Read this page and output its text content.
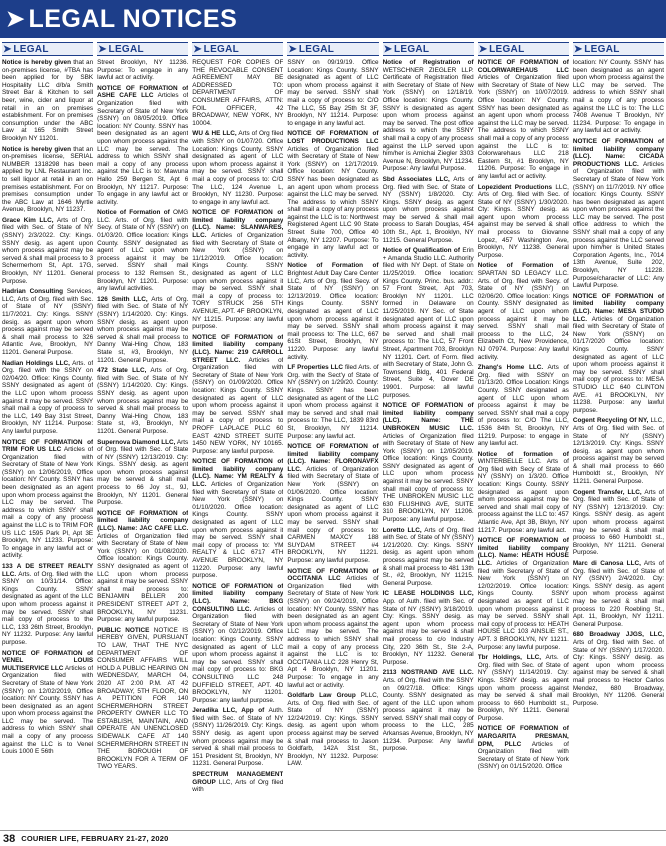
➤ LEGAL NOTICES
➤ LEGAL

Notice is hereby given that an on-premises license, #TBA has been applied for by SBK Hospitality LLC d/b/a Smith Street Bar & Kitchen to sell beer, wine, cider and liquor at retail in an on premises establishment. For on premises consumption under the ABC Law at 165 Smith Street Brooklyn NY 11201.

Notice is hereby given that an on-premises license, SERIAL NUMBER 1318298 has been applied by LNL Restaurant Inc. to sell liquor at retail in an on premises establishment. For on premises consumption under the ABC Law at 1646 Myrtle Avenue, Brooklyn, NY 11237.

Grace Kim LLC, Arts of Org. filed with Sec. of State of NY (SSNY) 2/3/2022. Cty: Kings. SSNY desig. as agent upon whom process against may be served & shall mail process to 3 Schermerhorn St, Apt. 17G, Brooklyn, NY 11201. General Purpose.

Hadrian Consulting Services, LLC, Arts of Org. filed with Sec. of State of NY (SSNY) 11/7/2021. Cty: Kings. SSNY desig. as agent upon whom process against may be served & shall mail process to 326 Atlantic Ave, Brooklyn, NY 11201. General Purpose.

Nadian Holdings LLC, Arts. of Org. filed with the SSNY on 02/04/20. Office: Kings County. SSNY designated as agent of the LLC upon whom process against it may be served. SSNY shall mail a copy of process to the LLC, 149 Bay 31st Street, Brooklyn, NY 11214. Purpose: Any lawful purpose.

NOTICE OF FORMATION of TRIM FOR US LLC Articles of Organization filed with Secretary of State of New York (SSNY) on 12/06/2019, Office location: NY County. SSNY has been designated as an agent upon whom process against the LLC may be served. The address to which SSNY shall mail a copy of any process against the LLC is to TRIM FOR US LLC 1595 Park Pl, Apt 3E Brooklyn, NY 11233. Purpose: To engage in any lawful act or activity.

133 A DE STREET REALTY LLC. Arts. of Org. filed with the SSNY on 10/31/14. Office: Kings County. SSNY designated as agent of the LLC upon whom process against it may be served. SSNY shall mail copy of process to the LLC, 133 26th Street, Brooklyn, NY 11232. Purpose: Any lawful purpose.

NOTICE OF FORMATION of VENEL LOUIS MULTISERVICE LLC Articles of Organization filed with Secretary of State of New York (SSNY) on 12/02/2019, Office location: NY County. SSNY has been designated as an agent upon whom process against the LLC may be served. The address to which SSNY shall mail a copy of any process against the LLC is to Venel Louis 1000 E 56th

➤ LEGAL

Street Brooklyn, NY 11236. Purpose: To engage in any lawful act or activity.

NOTICE OF FORMATION of ASHE CAFE LLC Articles of Organization filed with Secretary of State of New York (SSNY) on 08/05/2019. Office location: NY County. SSNY has been designated as an agent upon whom process against the LLC may be served. The address to which SSNY shall mail a copy of any process against the LLC is to: Mawuna Hallo 259 Bergen St, Apt 6 Brooklyn, NY 11217. Purpose: To engage in any lawful act or activity.

Notice of Formation of OMG LLC. Arts. of Org. filed with Secy. of State of NY (SSNY) on 01/03/20. Office location: Kings County. SSNY designated as agent of LLC upon whom process against it may be served. SSNY shall mail process to 132 Remsen St., Brooklyn, NY 11201. Purpose: any lawful activities.

126 Smith LLC, Arts of Org. filed with Sec. of State of NY (SSNY) 1/14/2020. Cty: Kings. SSNY desig. as agent upon whom process against may be served & shall mail process to Danny Wai-Hing Chow, 183 State st, #3, Brooklyn, NY 11201. General Purpose.

472 State LLC, Arts of Org. filed with Sec. of State of NY (SSNY) 1/14/2020. Cty: Kings. SSNY desig. as agent upon whom process against may be served & shall mail process to Danny Wai-Hing Chow, 183 State st, #3, Brooklyn, NY 11201. General Purpose.

Supernova Diamond LLC, Arts of Org. filed with Sec. of State of NY (SSNY) 12/13/2019. Cty: Kings. SSNY desig. as agent upon whom process against may be served & shall mail process to 66 Joy st., 9J, Brooklyn, NY 11201. General Purpose.

NOTICE OF FORMATION of limited liability company (LLC). Name: JAC CAFE LLC. Articles of Organization filed with Secretary of State of New York (SSNY) on 01/08/2020. Office location: Kings County. SSNY designated as agent of LLC upon whom process against it may be served. SSNY shall mail process to: BENJAMIN BELLER 200 PRESIDENT STREET APT 2, BROOKLYN, NY 11231. Purpose: any lawful purpose.

PUBLIC NOTICE NOTICE IS HEREBY GIVEN, PURSUANT TO LAW, THAT THE NYC DEPARTMENT OF CONSUMER AFFAIRS WILL HOLD A PUBLIC HEARING ON WEDNESDAY, MARCH 04, 2020 AT 2:00 P.M. AT 42 BROADWAY, 5TH FLOOR, ON A PETITION FOR 140 SCHERMERHORN STREET PROPERTY OWNER LLC TO ESTABLISH, MAINTAIN, AND OPERATE AN UNENCLOSED SIDEWALK CAFE AT 140 SCHERMERHORN STREET IN THE BOROUGH OF BROOKLYN FOR A TERM OF TWO YEARS.

➤ LEGAL

REQUEST FOR COPIES OF THE REVOCABLE CONSENT AGREEMENT MAY BE ADDRESSED TO: DEPARTMENT OF CONSUMER AFFAIRS, ATTN: FOIL OFFICER, 42 BROADWAY, NEW YORK, NY 10004.

WU & HE LLC, Arts of Org filed with SSNY on 01/07/20. Office Location: Kings County. SSNY designated as agent of LLC upon whom process against it may be served. SSNY shall mail a copy of process to: C/O The LLC, 124 Avenue L, Brooklyn, NY 11230. Purpose: to engage in any lawful act.

NOTICE OF FORMATION of limited liability company (LLC). Name: SLANWARES, LLC. Articles of Organization filed with Secretary of State of New York (SSNY) on 11/12/2019. Office location: Kings County. SSNY designated as agent of LLC upon whom process against it may be served. SSNY shall mail a copy of process to: TORY STRUCK 256 5TH AVENUE, APT. 4F BROOKLYN, NY 11215. Purpose: any lawful purpose.

NOTICE OF FORMATION of limited liability company (LLC). Name: 219 CARROLL STREET LLC. Articles of Organization filed with Secretary of State of New York (SSNY) on 01/09/2020. Office location: Kings County. SSNY designated as agent of LLC upon whom process against it may be served. SSNY shall mail a copy of process to PROFF LAPLACE PLLC 60 EAST 42ND STREET SUITE 1450 NEW YORK, NY 10165. Purpose: any lawful purpose.

NOTICE OF FORMATION of limited liability company (LLC). Name: YM REALTY & LLC. Articles of Organization filed with Secretary of State of New York (SSNY) on 01/10/2020. Office location: Kings County. SSNY designated as agent of LLC upon whom process against it may be served. SSNY shall mail copy of process to: YM REALTY & LLC 6717 4TH AVENUE BROOKLYN, NY 11220. Purpose: any lawful purpose.

NOTICE OF FORMATION of limited liability company (LLC). Name: BKG CONSULTING LLC. Articles of Organization filed with Secretary of State of New York (SSNY) on 02/12/2019. Office location: Kings County. SSNY designated as agent of LLC upon whom process against it may be served. SSNY shall mail copy of process to: BKG CONSULTING LLC 248 DUFFIELD STREET, APT. 4D BROOKLYN, NY 11201. Purpose: any lawful purpose.

Jeradika LLC, App of Auth. filed with Sec. of State of NY (SSNY) 11/26/2019. Cty: Kings. SSNY desig. as agent upon whom process against may be served & shall mail process to 151 President St, Brooklyn, NY 11231. General Purpose.

SPECTRUM MANAGEMENT GROUP LLC, Arts of Org filed with

➤ LEGAL

SSNY on 09/19/19. Office Location: Kings County. SSNY designated as agent of LLC upon whom process against it may be served. SSNY shall mail a copy of process to: C/O The LLC, 55 Bay 25th St 3F, Brooklyn, NY 11214. Purpose: to engage in any lawful act.

NOTICE OF FORMATION of LOST PRODUCTIONS LLC Articles of Organization filed with Secretary of State of New York (SSNY) on 12/17/2019. Office location: NY County. SSNY has been designated as an agent upon whom process against the LLC may be served. The address to which SSNY shall mail a copy of any process against the LLC is to: Northwest Registered Agent LLC 90 State Street Suite 700, Office 40 Albany, NY 12207. Purpose: To engage in any lawful act or activity.

Notice of Formation of Brightest Adult Day Care Center LLC, Arts of Org. filed Secy. of State of NY (SSNY) on 12/13/2019. Office location: Kings County. SSNY designated as agent of LLC upon whom process against it may be served. SSNY shall mail process to: The LLC, 667 61St Street, Brooklyn, NY 11220. Purpose: any lawful activity.

LF Properties LLC filed Arts. of Org. with the Sect'y of State of NY (SSNY) on 1/29/20. County: Kings. SSNY has been designated as agent of the LLC upon whom process against it may be served and shall mail process to: The LLC, 1839 83rd St, Brooklyn, NY 11214. Purpose: any lawful act.

NOTICE OF FORMATION of limited liability company (LLC). Name: FLORONAVFX LLC. Articles of Organization filed with Secretary of State of New York (SSNY) on 01/06/2020. Office location: Kings County. SSNY designated as agent of LLC upon whom process against it may be served. SSNY shall mail copy of process to: CARMEN MAXCY 188 SUYDAM STREET #4 BROOKLYN, NY 11221. Purpose: any lawful purpose.

NOTICE OF FORMATION of OCCITANIA LLC Articles of Organization filed with Secretary of State of New York (SSNY) on 09/24/2019, Office location: NY County. SSNY has been designated as an agent upon whom process against the LLC may be served. The address to which SSNY shall mail a copy of any process against the LLC is to: OCCITANIA LLC 228 Henry St, Apt 4 Brooklyn, NY 11201. Purpose: To engage in any lawful act or activity.

Goldfarb Law Group PLLC, Arts. of Org. filed with Sec. of State of NY (SSNY) 12/24/2019. Cty: Kings. SSNY desig. as agent upon whom process against may be served & shall mail process to Jason Goldfarb, 142A 31st St., Brooklyn, NY 11232. Purpose: LAW.

➤ LEGAL

Notice of Registration of WETSCHNER ZIEGLER LLP. Certificate of Registration filed with Secretary of State of New York (SSNY) on 12/18/19. Office location: Kings County. SSNY is designated as agent upon whom process against may be served. The post office address to which the SSNY shall mail a copy of any process against the LLP served upon him/her is Amichai Ziegler 3303 Avenue N, Brooklyn, NY 11234. Purpose: Any lawful Purpose.

Sbd Associates LLC, Arts of Org. filed with Sec. of State of NY (SSNY) 1/8/2020. Cty: Kings. SSNY desig. as agent upon whom process against may be served & shall mail process to Sarah Douglas, 454 10th St., Apt. 1, Brooklyn, NY 11215. General Purpose.

Notice of Qualification of Erin + Amanda Studio LLC. Authority filed with NY Dept. of State on 11/25/2019. Office location: Kings County. Princ. bus. addr.: 57 Front Street, Apt 703, Brooklyn NY 11201. LLC formed in Delaware on 11/25/2019. NY Sec. of State designated agent of LLC upon whom process against it may be served and shall mail process to: The LLC, 57 Front Street, Apartment 703, Brooklyn NY 11201. Cert. of Form. filed with Secretary of State, John G. Townsend Bldg, 401 Federal Street, Suite 4, Dover DE 19901. Purpose: all lawful purposes.

NOTICE OF FORMATION of limited liability company (LLC). Name: THE UNBROKEN MUSIC LLC. Articles of Organization filed with Secretary of State of New York (SSNY) on 12/05/2019. Office location: Kings County. SSNY designated as agent of LLC upon whom process against it may be served. SSNY shall mail copy of process to: THE UNBROKEN MUSIC LLC 630 FLUSHING AVE, SUITE 310 BROOKLYN, NY 11206. Purpose: any lawful purpose.

Loretto LLC, Arts of Org. filed with Sec. of State of NY (SSNY) 1/21/2020. Cty: Kings. SSNY desig. as agent upon whom process against may be served & shall mail process to 481 13th St., #2, Brooklyn, NY 11215. General Purpose.

IC LEASE HOLDINGS LLC, App. of Auth. filed with Sec. of State of NY (SSNY) 3/18/2019. Cty: Kings. SSNY desig. as agent upon whom process against may be served & shall mail process to c/o Industry City, 220 36th St., Ste 2-A, Brooklyn, NY 11232. General Purpose.

2113 NOSTRAND AVE LLC. Arts. of Org. filed with the SSNY on 09/27/18. Office: Kings County. SSNY designated as agent of the LLC upon whom process against it may be served. SSNY shall mail copy of process to the LLC, 285 Arkansas Avenue, Brooklyn, NY 11234. Purpose: Any lawful purpose.

➤ LEGAL

NOTICE OF FORMATION of COLORWAREHAUS LLC Articles of Organization filed with Secretary of State of New York (SSNY) on 10/07/2019. Office location: NY County. SSNY has been designated as an agent upon whom process against the LLC may be served. The address to which SSNY shall mail a copy of any process against the LLC is to: Colorwarehaus LLC 218 Eastern St, #1 Brooklyn, NY 11206. Purpose: To engage in any lawful act or activity.

Lopezident Productions LLC, Arts of Org. filed with Sec. of State of NY (SSNY) 1/30/2020. Cty: Kings. SSNY desig. as agent upon whom process against may be served & shall mail process to Giovanne Lopez, 457 Washington Ave, Brooklyn, NY 11238. General Purpose.

Notice of Formation of SPARTAN SD LEGACY LLC. Arts. of Org. filed with Secy. of State of NY (SSNY) on 02/06/20. Office location: Kings County. SSNY designated as agent of LLC upon whom process against it may be served. SSNY shall mail process to the LLC, 24 Elizabeth Ct, New Providence, NJ 07974. Purpose: Any lawful activity.

Zhang's Home LLC. Arts of Org. filed with SSNY on 01/13/20. Office Location: Kings County. SSNY designated as agent of LLC upon whom process against it may be served. SSNY shall mail a copy of process to: C/O The LLC, 1536 84th St, Brooklyn, NY 11219. Purpose: to engage in any lawful act.

Notice of formation of WINTERBELLE LLC. Arts of Org filed with Secy of State of NY (SSNY) on 1/3/20. Office location: Kings County. SSNY designated as agent upon whom process against may be served and shall mail copy of process against the LLC to: 457 Atlantic Ave, Apt 3B, Bklyn, NY 11217. Purpose: any lawful act.

NOTICE OF FORMATION of limited liability company (LLC). Name: HEATH HOUSE LLC. Articles of Organization filed with Secretary of State of New York (SSNY) on 12/02/2019. Office location: Kings County. SSNY designated as agent of LLC upon whom process against it may be served. SSNY shall mail copy of process to: HEATH HOUSE LLC 103 AINSLIE ST., APT. 3 BROOKLYN, NY 11211. Purpose: any lawful purpose.

Tbr Holdings, LLC, Arts. of Org. filed with Sec. of State of NY (SSNY) 11/14/2019. Cty: Kings. SSNY desig. as agent upon whom process against may be served & shall mail process to 660 Humboldt st., Brooklyn, NY 11211. General Purpose.

NOTICE OF FORMATION of MARGARITA PRESMAN, DPM, PLLC Articles of Organization filed with Secretary of State of New York (SSNY) on 01/15/2020. Office

➤ LEGAL

location: NY County. SSNY has been designated as an agent upon whom process against the LLC may be served. The address to which SSNY shall mail a copy of any process against the LLC is to: The LLC 7408 Avenue T Brooklyn, NY 11234. Purpose: To engage in any lawful act or activity.

NOTICE OF FORMATION of limited liability company (LLC). Name: CICADA PRODUCTIONS LLC. Articles of Organization filed with Secretary of State of New York (SSNY) on 11/7/2019. NY office location: Kings County. SSNY has been designated as agent upon whom process against the LLC may be served. The post office address to which the SSNY shall mail a copy of any process against the LLC served upon him/her is United States Corporation Agents, Inc., 7014 13th Avenue, Suite 202, Brooklyn, NY 11228. Purpose/character of LLC: Any Lawful Purpose.

NOTICE OF FORMATION of limited liability company (LLC). Name: MESA STUDIO LLC. Articles of Organization filed with Secretary of State of New York (SSNY) on 01/17/2020 Office location: Kings County. SSNY designated as agent of LLC upon whom process against it may be served. SSNY shall mail copy of process to: MESA STUDIO LLC 640 CLINTON AVE. #1 BROOKLYN, NY 11238. Purpose: any lawful purpose.

Cogent Recycling Of NY, LLC, Arts of Org. filed with Sec. of State of NY (SSNY) 12/13/2019. Cty: Kings. SSNY desig. as agent upon whom process against may be served & shall mail process to 660 Humboldt st., Brooklyn, NY 11211. General Purpose.

Cogent Transfer, LLC, Arts of Org. filed with Sec. of State of NY (SSNY) 12/13/2019. Cty: Kings. SSNY desig. as agent upon whom process against may be served & shall mail process to 660 Humboldt st., Brooklyn, NY 11211. General Purpose.

Marc di Canosa LLC, Arts of Org. filed with Sec. of State of NY (SSNY) 2/4/2020. Cty: Kings. SSNY desig. as agent upon whom process against may be served & shall mail process to 220 Roebling St., Apt. 11, Brooklyn, NY 11211. General Purpose.

680 Broadway JJGS, LLC, Arts of Org. filed with Sec. of State of NY (SSNY) 1/17/2020. Cty: Kings. SSNY desig. as agent upon whom process against may be served & shall mail process to Hector Carlos Mendez, 680 Broadway, Brooklyn, NY 11206. General Purpose.

38 COURIER LIFE, FEBRUARY 21-27, 2020
